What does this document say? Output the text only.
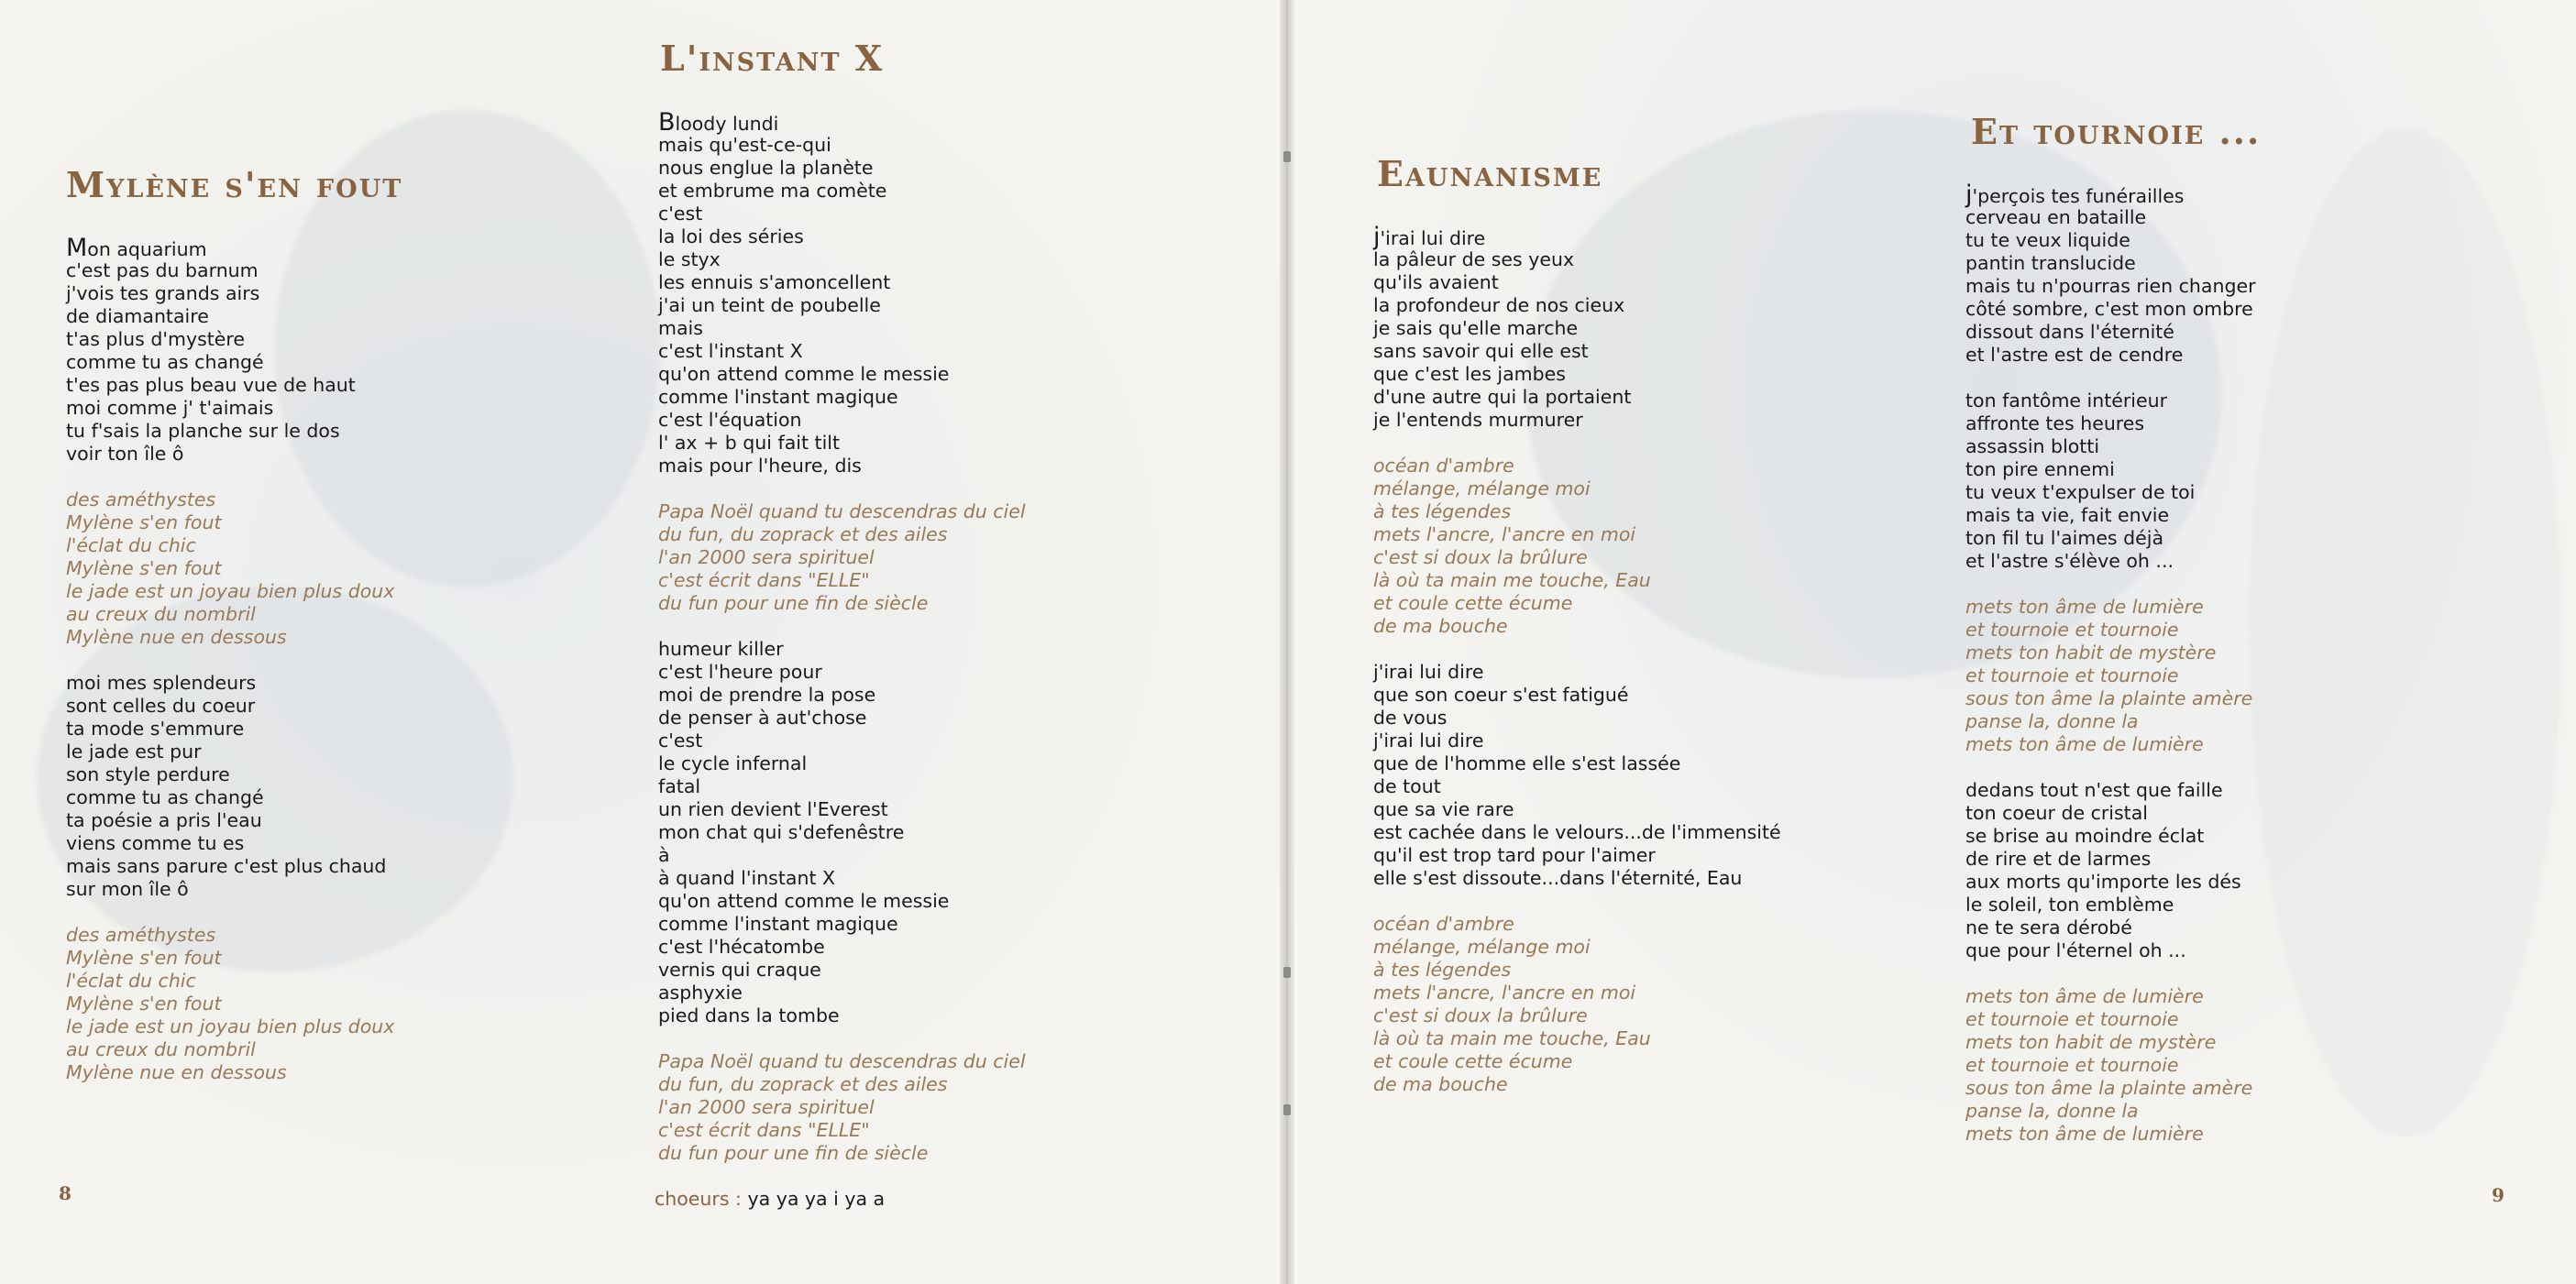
Mylène s'en fout
Mon aquarium
c'est pas du barnum
j'vois tes grands airs
de diamantaire
t'as plus d'mystère
comme tu as changé
t'es pas plus beau vue de haut
moi comme j' t'aimais
tu f'sais la planche sur le dos
voir ton île ô
des améthystes
Mylène s'en fout
l'éclat du chic
Mylène s'en fout
le jade est un joyau bien plus doux
au creux du nombril
Mylène nue en dessous
moi mes splendeurs
sont celles du coeur
ta mode s'emmure
le jade est pur
son style perdure
comme tu as changé
ta poésie a pris l'eau
viens comme tu es
mais sans parure c'est plus chaud
sur mon île ô
des améthystes
Mylène s'en fout
l'éclat du chic
Mylène s'en fout
le jade est un joyau bien plus doux
au creux du nombril
Mylène nue en dessous
L'instant X
Bloody lundi
mais qu'est-ce-qui
nous englue la planète
et embrume ma comète
c'est
la loi des séries
le styx
les ennuis s'amoncellent
j'ai un teint de poubelle
mais
c'est l'instant X
qu'on attend comme le messie
comme l'instant magique
c'est l'équation
l' ax + b qui fait tilt
mais pour l'heure, dis
Papa Noël quand tu descendras du ciel
du fun, du zoprack et des ailes
l'an 2000 sera spirituel
c'est écrit dans "ELLE"
du fun pour une fin de siècle
humeur killer
c'est l'heure pour
moi de prendre la pose
de penser à aut'chose
c'est
le cycle infernal
fatal
un rien devient l'Everest
mon chat qui s'defenêstre
à
à quand l'instant X
qu'on attend comme le messie
comme l'instant magique
c'est l'hécatombe
vernis qui craque
asphyxie
pied dans la tombe
Papa Noël quand tu descendras du ciel
du fun, du zoprack et des ailes
l'an 2000 sera spirituel
c'est écrit dans "ELLE"
du fun pour une fin de siècle

choeurs : ya ya ya i ya a

Eaunanisme
j'irai lui dire
la pâleur de ses yeux
qu'ils avaient
la profondeur de nos cieux
je sais qu'elle marche
sans savoir qui elle est
que c'est les jambes
d'une autre qui la portaient
je l'entends murmurer
océan d'ambre
mélange, mélange moi
à tes légendes
mets l'ancre, l'ancre en moi
c'est si doux la brûlure
là où ta main me touche, Eau
et coule cette écume
de ma bouche
j'irai lui dire
que son coeur s'est fatigué
de vous
j'irai lui dire
que de l'homme elle s'est lassée
de tout
que sa vie rare
est cachée dans le velours...de l'immensité
qu'il est trop tard pour l'aimer
elle s'est dissoute...dans l'éternité, Eau
océan d'ambre
mélange, mélange moi
à tes légendes
mets l'ancre, l'ancre en moi
c'est si doux la brûlure
là où ta main me touche, Eau
et coule cette écume
de ma bouche
Et tournoie ...
j'perçois tes funérailles
cerveau en bataille
tu te veux liquide
pantin translucide
mais tu n'pourras rien changer
côté sombre, c'est mon ombre
dissout dans l'éternité
et l'astre est de cendre
ton fantôme intérieur
affronte tes heures
assassin blotti
ton pire ennemi
tu veux t'expulser de toi
mais ta vie, fait envie
ton fil tu l'aimes déjà
et l'astre s'élève oh ...
mets ton âme de lumière
et tournoie et tournoie
mets ton habit de mystère
et tournoie et tournoie
sous ton âme la plainte amère
panse la, donne la
mets ton âme de lumière
dedans tout n'est que faille
ton coeur de cristal
se brise au moindre éclat
de rire et de larmes
aux morts qu'importe les dés
le soleil, ton emblème
ne te sera dérobé
que pour l'éternel oh ...
mets ton âme de lumière
et tournoie et tournoie
mets ton habit de mystère
et tournoie et tournoie
sous ton âme la plainte amère
panse la, donne la
mets ton âme de lumière

8	9
